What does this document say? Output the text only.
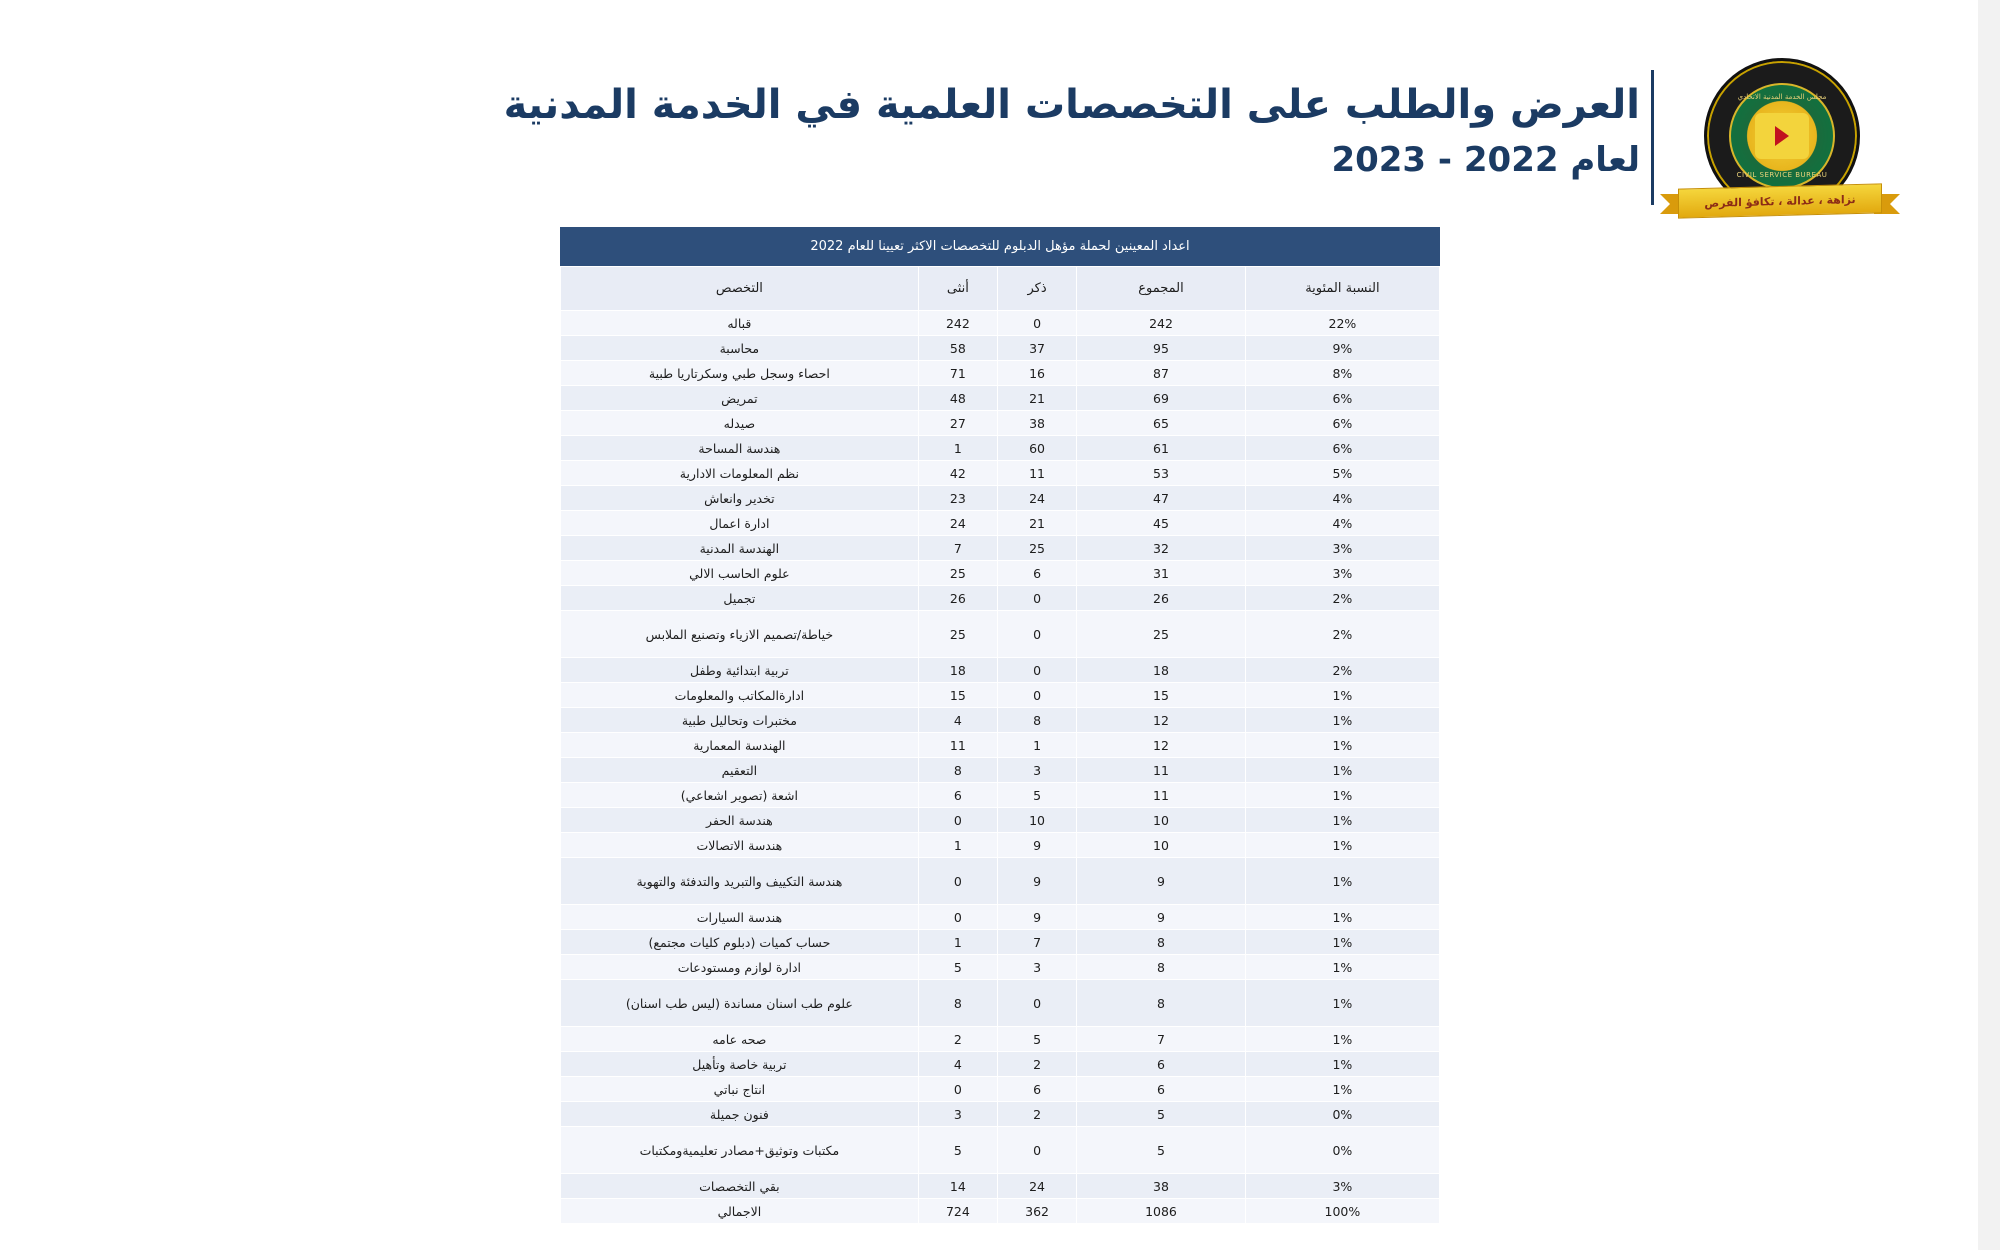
العرض والطلب على التخصصات العلمية في الخدمة المدنية
لعام 2022 - 2023
مجلس الخدمة المدنية الاتحادي
CIVIL SERVICE BUREAU
نزاهة ، عدالة ، تكافؤ الفرص
اعداد المعينين لحملة مؤهل الدبلوم للتخصصات الاكثر تعيينا للعام 2022
النسبة المئوية	المجموع	ذكر	أنثى	التخصص
22%	242	0	242	قباله
9%	95	37	58	محاسبة
8%	87	16	71	احصاء وسجل طبي وسكرتاريا طبية
6%	69	21	48	تمريض
6%	65	38	27	صيدله
6%	61	60	1	هندسة المساحة
5%	53	11	42	نظم المعلومات الادارية
4%	47	24	23	تخدير وانعاش
4%	45	21	24	ادارة اعمال
3%	32	25	7	الهندسة المدنية
3%	31	6	25	علوم الحاسب الالي
2%	26	0	26	تجميل
2%	25	0	25	خياطة/تصميم الازياء وتصنيع الملابس
2%	18	0	18	تربية ابتدائية وطفل
1%	15	0	15	ادارةالمكاتب والمعلومات
1%	12	8	4	مختبرات وتحاليل طبية
1%	12	1	11	الهندسة المعمارية
1%	11	3	8	التعقيم
1%	11	5	6	اشعة (تصوير اشعاعي)
1%	10	10	0	هندسة الحفر
1%	10	9	1	هندسة الاتصالات
1%	9	9	0	هندسة التكييف والتبريد والتدفئة والتهوية
1%	9	9	0	هندسة السيارات
1%	8	7	1	حساب كميات (دبلوم كليات مجتمع)
1%	8	3	5	ادارة لوازم ومستودعات
1%	8	0	8	علوم طب اسنان مساندة (ليس طب اسنان)
1%	7	5	2	صحه عامه
1%	6	2	4	تربية خاصة وتأهيل
1%	6	6	0	انتاج نباتي
0%	5	2	3	فنون جميلة
0%	5	0	5	مكتبات وتوثيق+مصادر تعليميةومكتبات
3%	38	24	14	بقي التخصصات
100%	1086	362	724	الاجمالي
